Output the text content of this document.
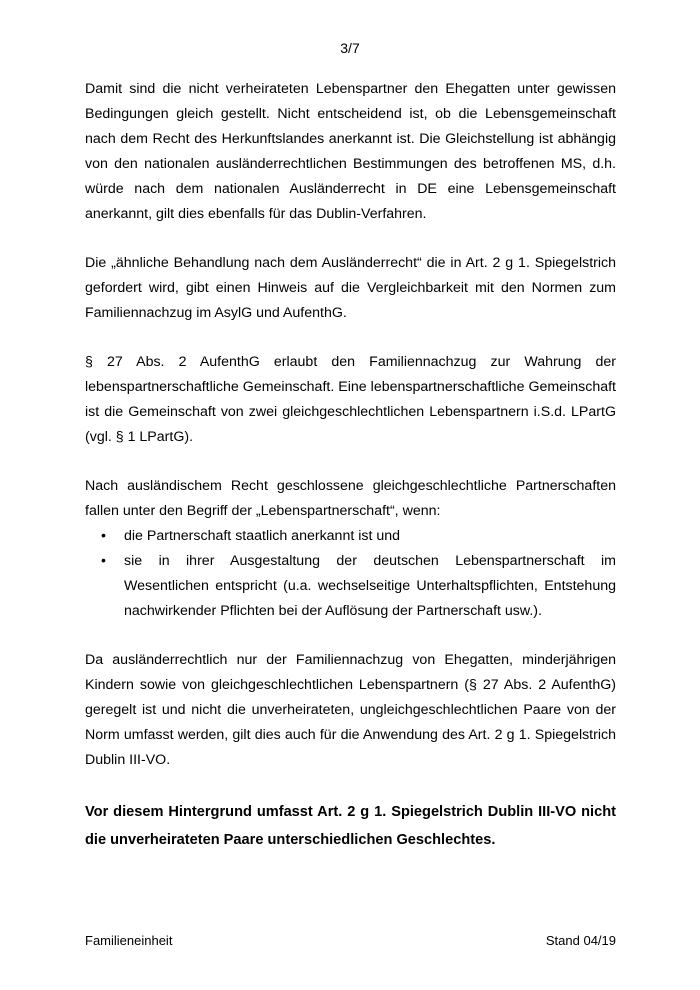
3/7

Damit sind die nicht verheirateten Lebenspartner den Ehegatten unter gewissen Bedingungen gleich gestellt. Nicht entscheidend ist, ob die Lebensgemeinschaft nach dem Recht des Herkunftslandes anerkannt ist. Die Gleichstellung ist abhängig von den nationalen ausländerrechtlichen Bestimmungen des betroffenen MS, d.h. würde nach dem nationalen Ausländerrecht in DE eine Lebensgemeinschaft anerkannt, gilt dies ebenfalls für das Dublin-Verfahren.

Die „ähnliche Behandlung nach dem Ausländerrecht“ die in Art. 2 g 1. Spiegelstrich gefordert wird, gibt einen Hinweis auf die Vergleichbarkeit mit den Normen zum Familiennachzug im AsylG und AufenthG.

§ 27 Abs. 2 AufenthG erlaubt den Familiennachzug zur Wahrung der lebenspartnerschaftliche Gemeinschaft. Eine lebenspartnerschaftliche Gemeinschaft ist die Gemeinschaft von zwei gleichgeschlechtlichen Lebenspartnern i.S.d. LPartG (vgl. § 1 LPartG).

Nach ausländischem Recht geschlossene gleichgeschlechtliche Partnerschaften fallen unter den Begriff der „Lebenspartnerschaft“, wenn:

• die Partnerschaft staatlich anerkannt ist und
• sie in ihrer Ausgestaltung der deutschen Lebenspartnerschaft im Wesentlichen entspricht (u.a. wechselseitige Unterhaltspflichten, Entstehung nachwirkender Pflichten bei der Auflösung der Partnerschaft usw.).

Da ausländerrechtlich nur der Familiennachzug von Ehegatten, minderjährigen Kindern sowie von gleichgeschlechtlichen Lebenspartnern (§ 27 Abs. 2 AufenthG) geregelt ist und nicht die unverheirateten, ungleichgeschlechtlichen Paare von der Norm umfasst werden, gilt dies auch für die Anwendung des Art. 2 g 1. Spiegelstrich Dublin III-VO.

Vor diesem Hintergrund umfasst Art. 2 g 1. Spiegelstrich Dublin III-VO nicht die unverheirateten Paare unterschiedlichen Geschlechtes.

Familieneinheit	Stand 04/19
